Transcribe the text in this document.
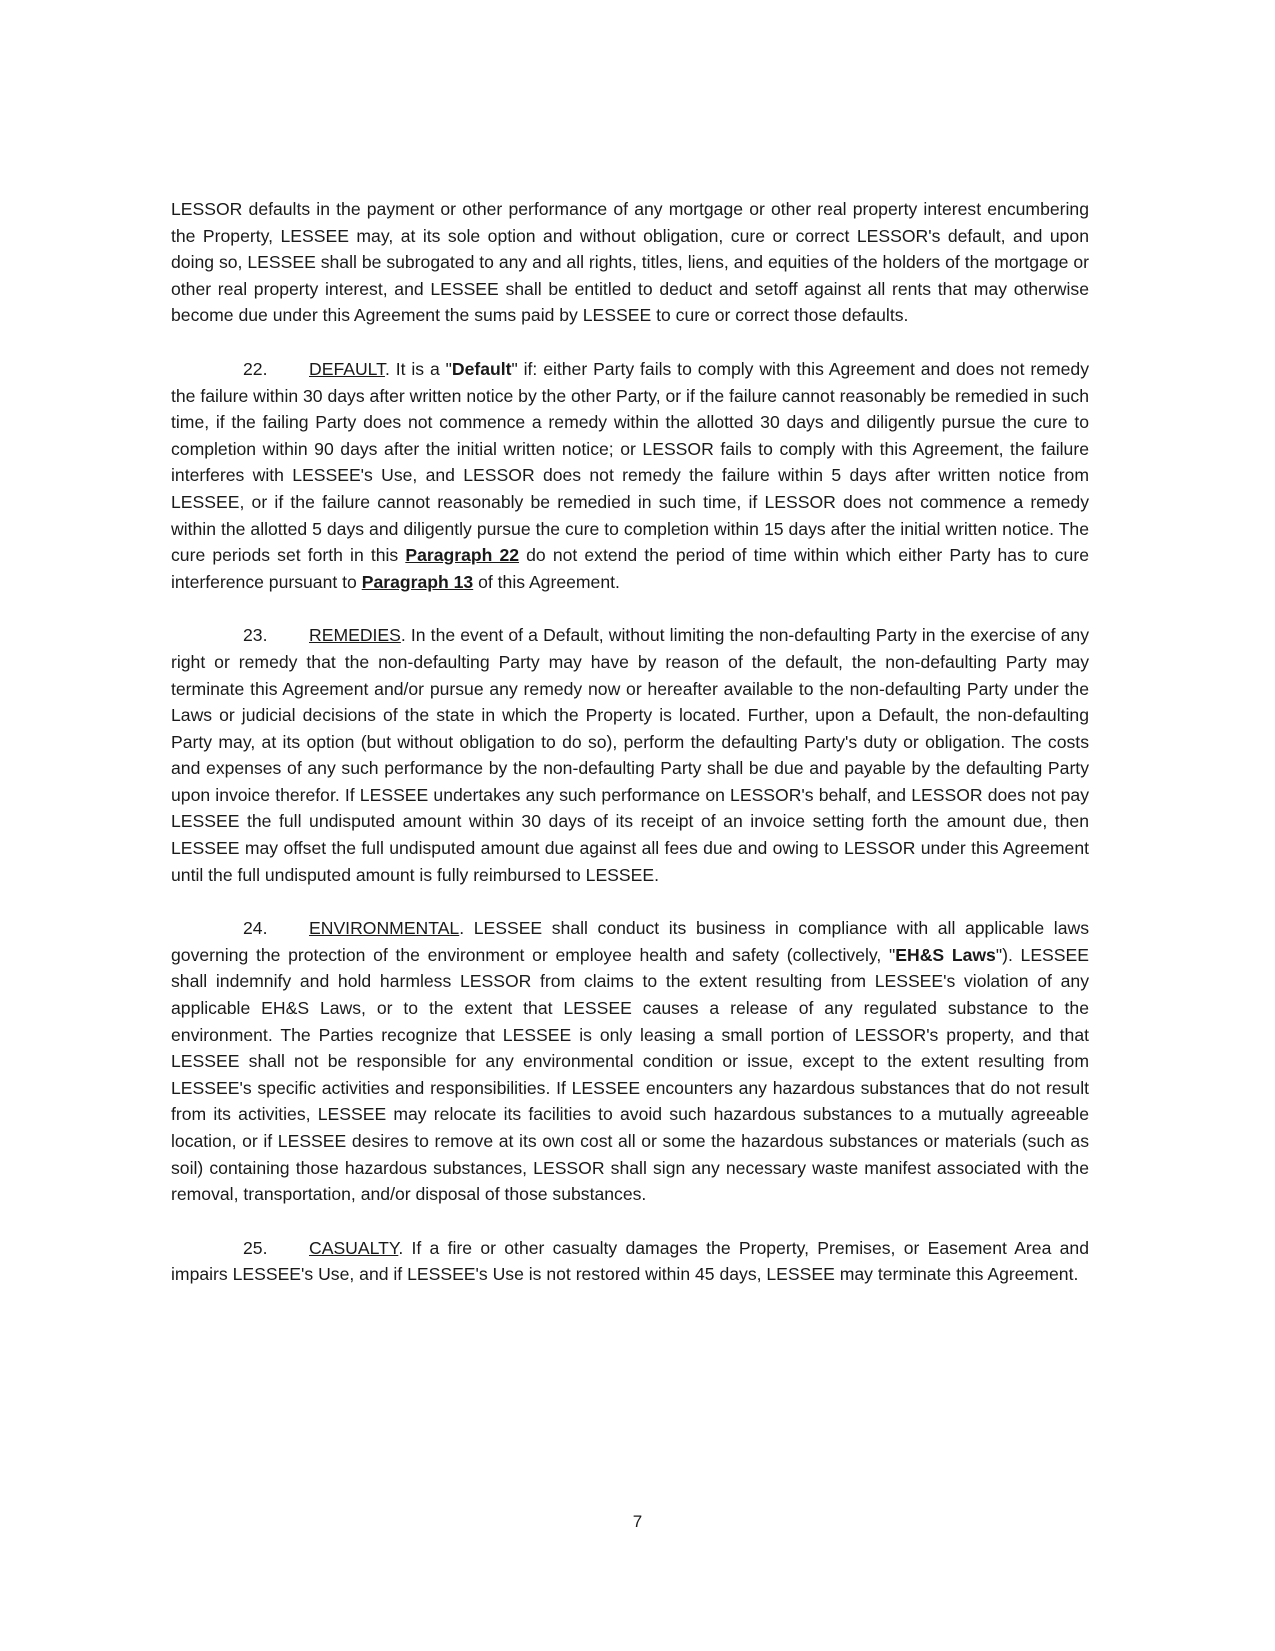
LESSOR defaults in the payment or other performance of any mortgage or other real property interest encumbering the Property, LESSEE may, at its sole option and without obligation, cure or correct LESSOR's default, and upon doing so, LESSEE shall be subrogated to any and all rights, titles, liens, and equities of the holders of the mortgage or other real property interest, and LESSEE shall be entitled to deduct and setoff against all rents that may otherwise become due under this Agreement the sums paid by LESSEE to cure or correct those defaults.

22. DEFAULT. It is a "Default" if: either Party fails to comply with this Agreement and does not remedy the failure within 30 days after written notice by the other Party, or if the failure cannot reasonably be remedied in such time, if the failing Party does not commence a remedy within the allotted 30 days and diligently pursue the cure to completion within 90 days after the initial written notice; or LESSOR fails to comply with this Agreement, the failure interferes with LESSEE's Use, and LESSOR does not remedy the failure within 5 days after written notice from LESSEE, or if the failure cannot reasonably be remedied in such time, if LESSOR does not commence a remedy within the allotted 5 days and diligently pursue the cure to completion within 15 days after the initial written notice. The cure periods set forth in this Paragraph 22 do not extend the period of time within which either Party has to cure interference pursuant to Paragraph 13 of this Agreement.

23. REMEDIES. In the event of a Default, without limiting the non-defaulting Party in the exercise of any right or remedy that the non-defaulting Party may have by reason of the default, the non-defaulting Party may terminate this Agreement and/or pursue any remedy now or hereafter available to the non-defaulting Party under the Laws or judicial decisions of the state in which the Property is located. Further, upon a Default, the non-defaulting Party may, at its option (but without obligation to do so), perform the defaulting Party's duty or obligation. The costs and expenses of any such performance by the non-defaulting Party shall be due and payable by the defaulting Party upon invoice therefor. If LESSEE undertakes any such performance on LESSOR's behalf, and LESSOR does not pay LESSEE the full undisputed amount within 30 days of its receipt of an invoice setting forth the amount due, then LESSEE may offset the full undisputed amount due against all fees due and owing to LESSOR under this Agreement until the full undisputed amount is fully reimbursed to LESSEE.

24. ENVIRONMENTAL. LESSEE shall conduct its business in compliance with all applicable laws governing the protection of the environment or employee health and safety (collectively, "EH&S Laws"). LESSEE shall indemnify and hold harmless LESSOR from claims to the extent resulting from LESSEE's violation of any applicable EH&S Laws, or to the extent that LESSEE causes a release of any regulated substance to the environment. The Parties recognize that LESSEE is only leasing a small portion of LESSOR's property, and that LESSEE shall not be responsible for any environmental condition or issue, except to the extent resulting from LESSEE's specific activities and responsibilities. If LESSEE encounters any hazardous substances that do not result from its activities, LESSEE may relocate its facilities to avoid such hazardous substances to a mutually agreeable location, or if LESSEE desires to remove at its own cost all or some the hazardous substances or materials (such as soil) containing those hazardous substances, LESSOR shall sign any necessary waste manifest associated with the removal, transportation, and/or disposal of those substances.

25. CASUALTY. If a fire or other casualty damages the Property, Premises, or Easement Area and impairs LESSEE's Use, and if LESSEE's Use is not restored within 45 days, LESSEE may terminate this Agreement.

7
